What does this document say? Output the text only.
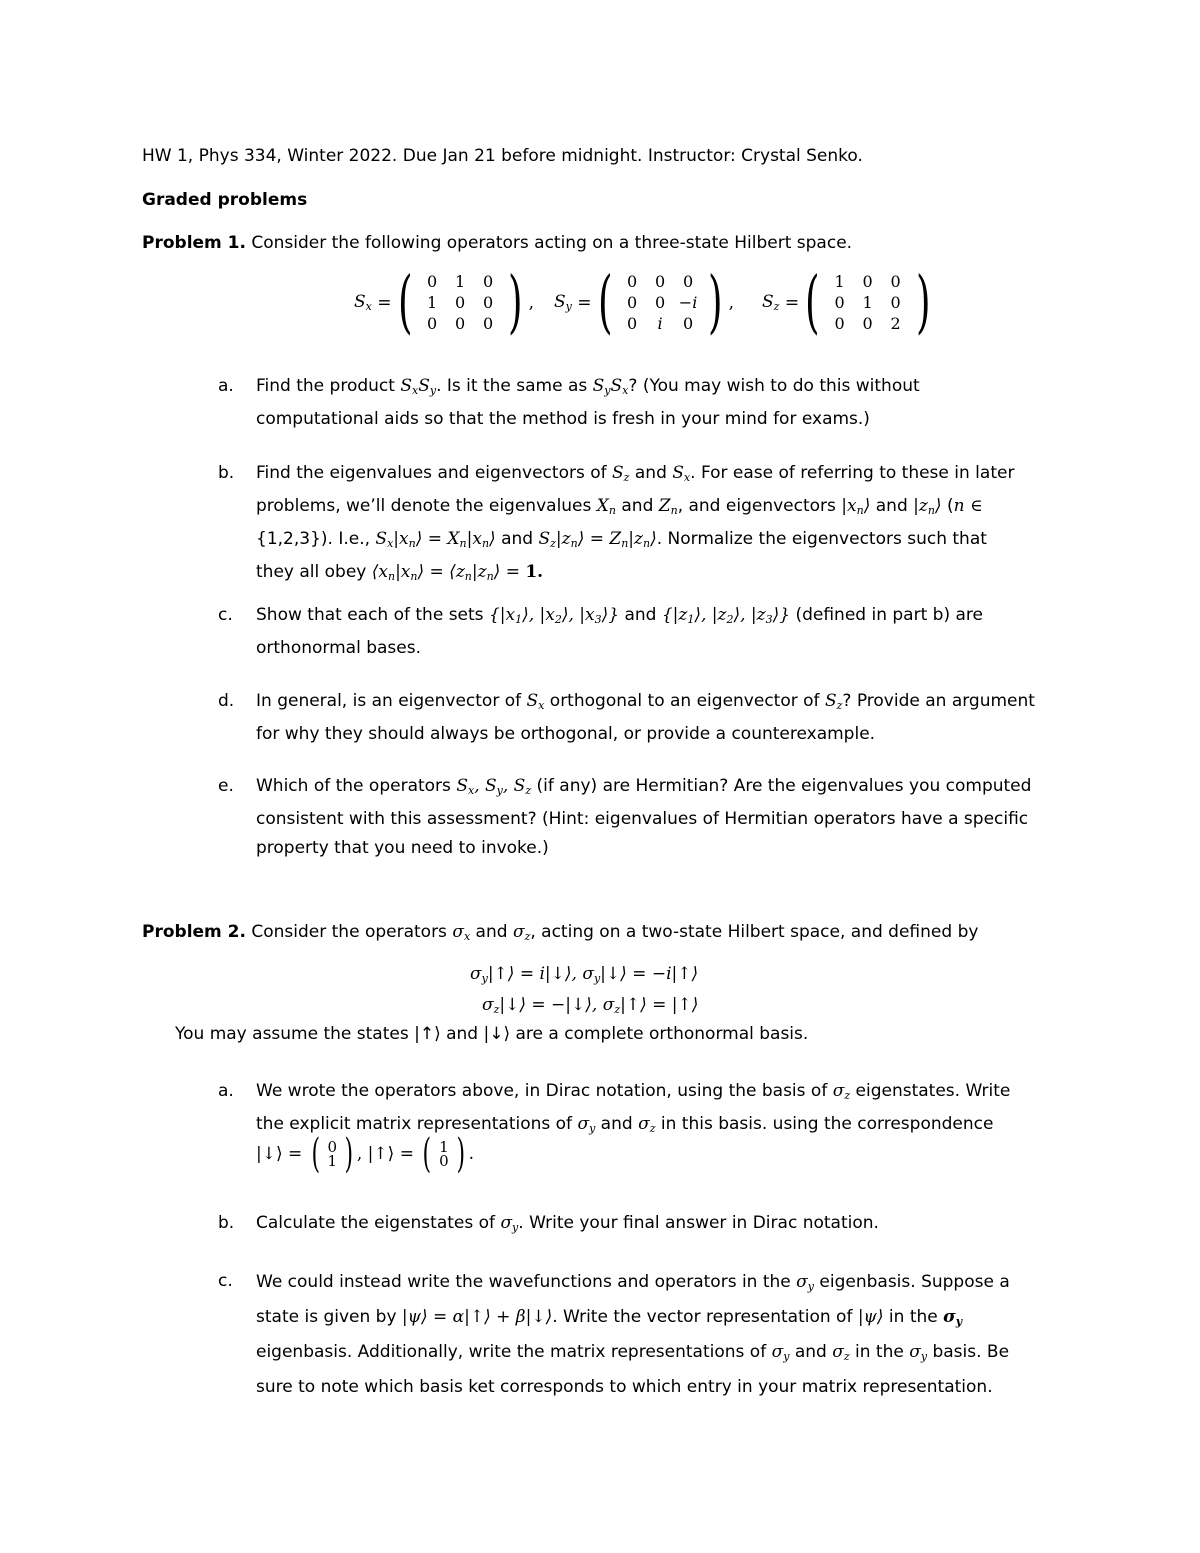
HW 1, Phys 334, Winter 2022. Due Jan 21 before midnight. Instructor: Crystal Senko.
Graded problems
Problem 1. Consider the following operators acting on a three-state Hilbert space.
$S_x$
= ( 0	1	0
1	0	0
0	0	0 ) , $S_y$
= ( 0	0	0
0	0 −i
0	i	0 ) , $S_z$
= ( 1	0	0
0	1	0
0	0	2 )
a. Find the product $S_xS_y$. Is it the same as $S_yS_x$? (You may wish to do this without
computational aids so that the method is fresh in your mind for exams.)
b. Find the eigenvalues and eigenvectors of $S_z$ and $S_x$. For ease of referring to these in later
problems, we’ll denote the eigenvalues $X_n$ and $Z_n$, and eigenvectors $|x_n⟩$ and $|z_n⟩$ (n ∈
{1,2,3}). I.e., $S_x|x_n⟩$ = $X_n|x_n⟩$ and $S_z|z_n⟩$ = $Z_n|z_n⟩$. Normalize the eigenvectors such that
they all obey $⟨x_n|x_n⟩$ = $⟨z_n|z_n⟩ = 1$.
c. Show that each of the sets {$|x_1⟩$, $|x_2⟩$, $|x_3⟩$} and {$|z_1⟩$, $|z_2⟩$, $|z_3⟩$} (defined in part b) are
orthonormal bases.
d. In general, is an eigenvector of $S_x$ orthogonal to an eigenvector of $S_z$? Provide an argument
for why they should always be orthogonal, or provide a counterexample.
e. Which of the operators $S_x$, $S_y$, $S_z$ (if any) are Hermitian? Are the eigenvalues you computed
consistent with this assessment? (Hint: eigenvalues of Hermitian operators have a specific
property that you need to invoke.)
Problem 2. Consider the operators $\sigma_x$ and $\sigma_z$, acting on a two-state Hilbert space, and defined by
$\sigma_y|↑⟩$ = i|↓⟩, $\sigma_y|↓⟩$ = −i|↑⟩
$\sigma_z|↓⟩$ = −|↓⟩, $\sigma_z|↑⟩$ = |↑⟩
You may assume the states |↑⟩ and |↓⟩ are a complete orthonormal basis.
a. We wrote the operators above, in Dirac notation, using the basis of $\sigma_z$ eigenstates. Write
the explicit matrix representations of $\sigma_y$ and $\sigma_z$ in this basis. using the correspondence
|↓⟩ = ( 0
1 ) , |↑⟩ = ( 1
0 ) .
b. Calculate the eigenstates of $\sigma_y$. Write your final answer in Dirac notation.
c. We could instead write the wavefunctions and operators in the $\sigma_y$ eigenbasis. Suppose a
state is given by |ψ⟩ = α|↑⟩ + β|↓⟩. Write the vector representation of |ψ⟩ in the $\sigma_y$
eigenbasis. Additionally, write the matrix representations of $\sigma_y$ and $\sigma_z$ in the $\sigma_y$ basis. Be
sure to note which basis ket corresponds to which entry in your matrix representation.
